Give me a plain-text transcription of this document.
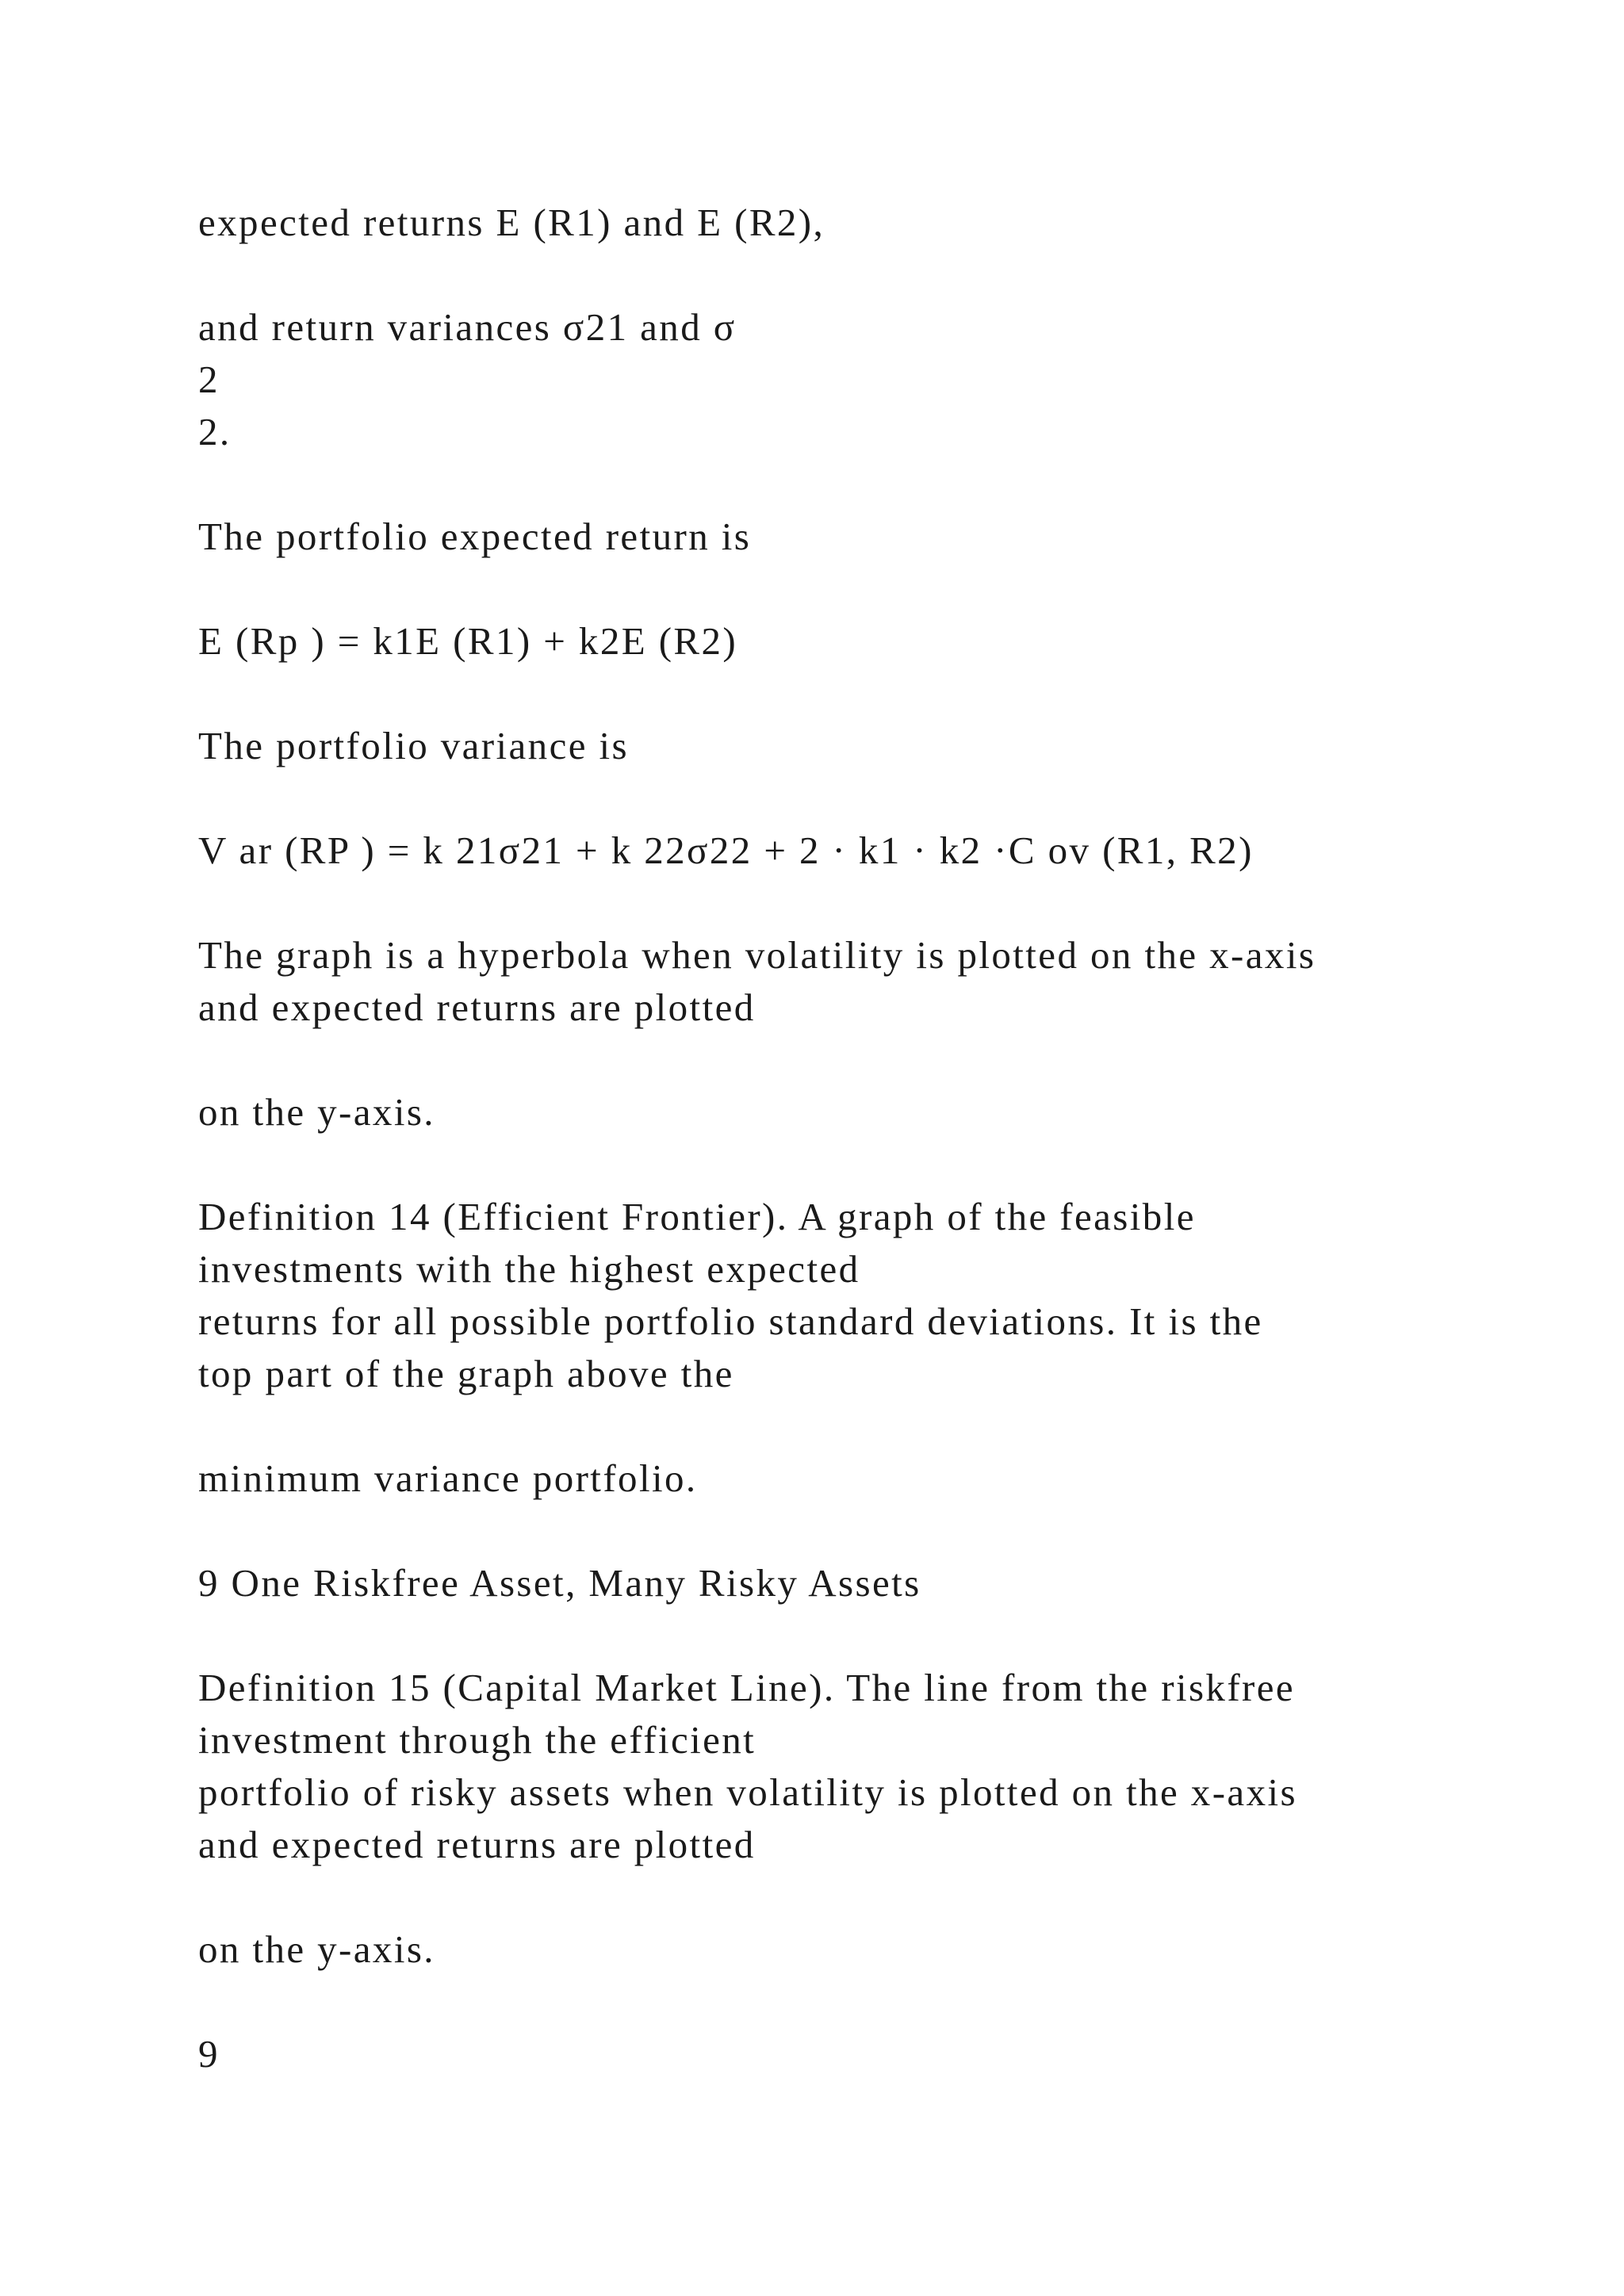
expected returns E (R1) and E (R2),

and return variances σ21 and σ

2

2.

The portfolio expected return is

E (Rp ) = k1E (R1) + k2E (R2)

The portfolio variance is

V ar (RP ) = k 21σ21 + k 22σ22 + 2 · k1 · k2 ·C ov (R1, R2)

The graph is a hyperbola when volatility is plotted on the x-axis

and expected returns are plotted

on the y-axis.

Definition 14 (Efficient Frontier). A graph of the feasible

investments with the highest expected

returns for all possible portfolio standard deviations. It is the

top part of the graph above the

minimum variance portfolio.

9 One Riskfree Asset, Many Risky Assets

Definition 15 (Capital Market Line). The line from the riskfree

investment through the efficient

portfolio of risky assets when volatility is plotted on the x-axis

and expected returns are plotted

on the y-axis.

9
